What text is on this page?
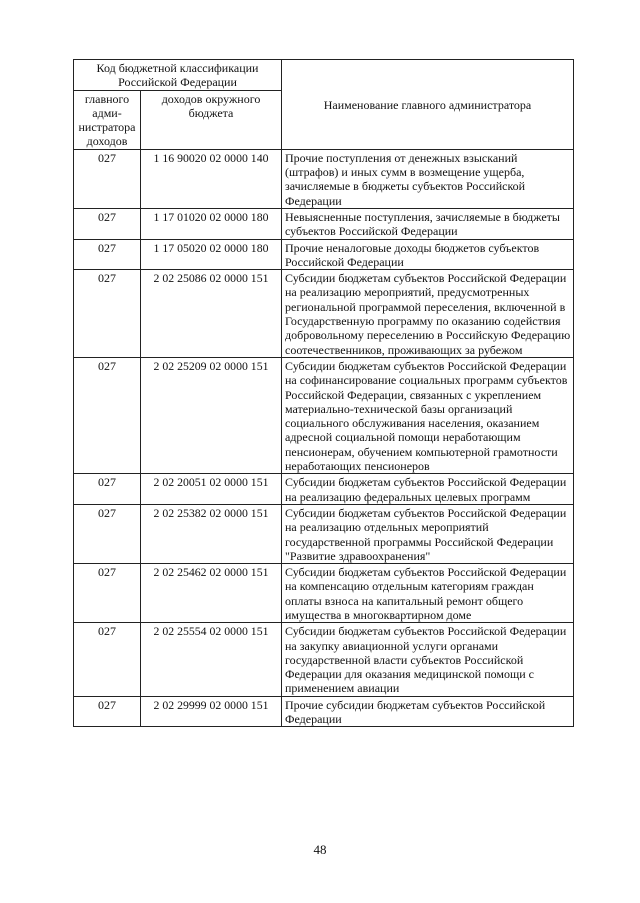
Код бюджетной классификации Российской Федерации		Наименование главного администратора
главного адми-нистратора доходов	доходов окружного бюджета	
027	1 16 90020 02 0000 140	Прочие поступления от денежных взысканий (штрафов) и иных сумм в возмещение ущерба, зачисляемые в бюджеты субъектов Российской Федерации
027	1 17 01020 02 0000 180	Невыясненные поступления, зачисляемые в бюджеты субъектов Российской Федерации
027	1 17 05020 02 0000 180	Прочие неналоговые доходы бюджетов субъектов Российской Федерации
027	2 02 25086 02 0000 151	Субсидии бюджетам субъектов Российской Федерации на реализацию мероприятий, предусмотренных региональной программой переселения, включенной в Государственную программу по оказанию содействия добровольному переселению в Российскую Федерацию соотечественников, проживающих за рубежом
027	2 02 25209 02 0000 151	Субсидии бюджетам субъектов Российской Федерации на софинансирование социальных программ субъектов Российской Федерации, связанных с укреплением материально-технической базы организаций социального обслуживания населения, оказанием адресной социальной помощи неработающим пенсионерам, обучением компьютерной грамотности неработающих пенсионеров
027	2 02 20051 02 0000 151	Субсидии бюджетам субъектов Российской Федерации на реализацию федеральных целевых программ
027	2 02 25382 02 0000 151	Субсидии бюджетам субъектов Российской Федерации на реализацию отдельных мероприятий государственной программы Российской Федерации "Развитие здравоохранения"
027	2 02 25462 02 0000 151	Субсидии бюджетам субъектов Российской Федерации на компенсацию отдельным категориям граждан оплаты взноса на капитальный ремонт общего имущества в многоквартирном доме
027	2 02 25554 02 0000 151	Субсидии бюджетам субъектов Российской Федерации на закупку авиационной услуги органами государственной власти субъектов Российской Федерации для оказания медицинской помощи с применением авиации
027	2 02 29999 02 0000 151	Прочие субсидии бюджетам субъектов Российской Федерации
48
